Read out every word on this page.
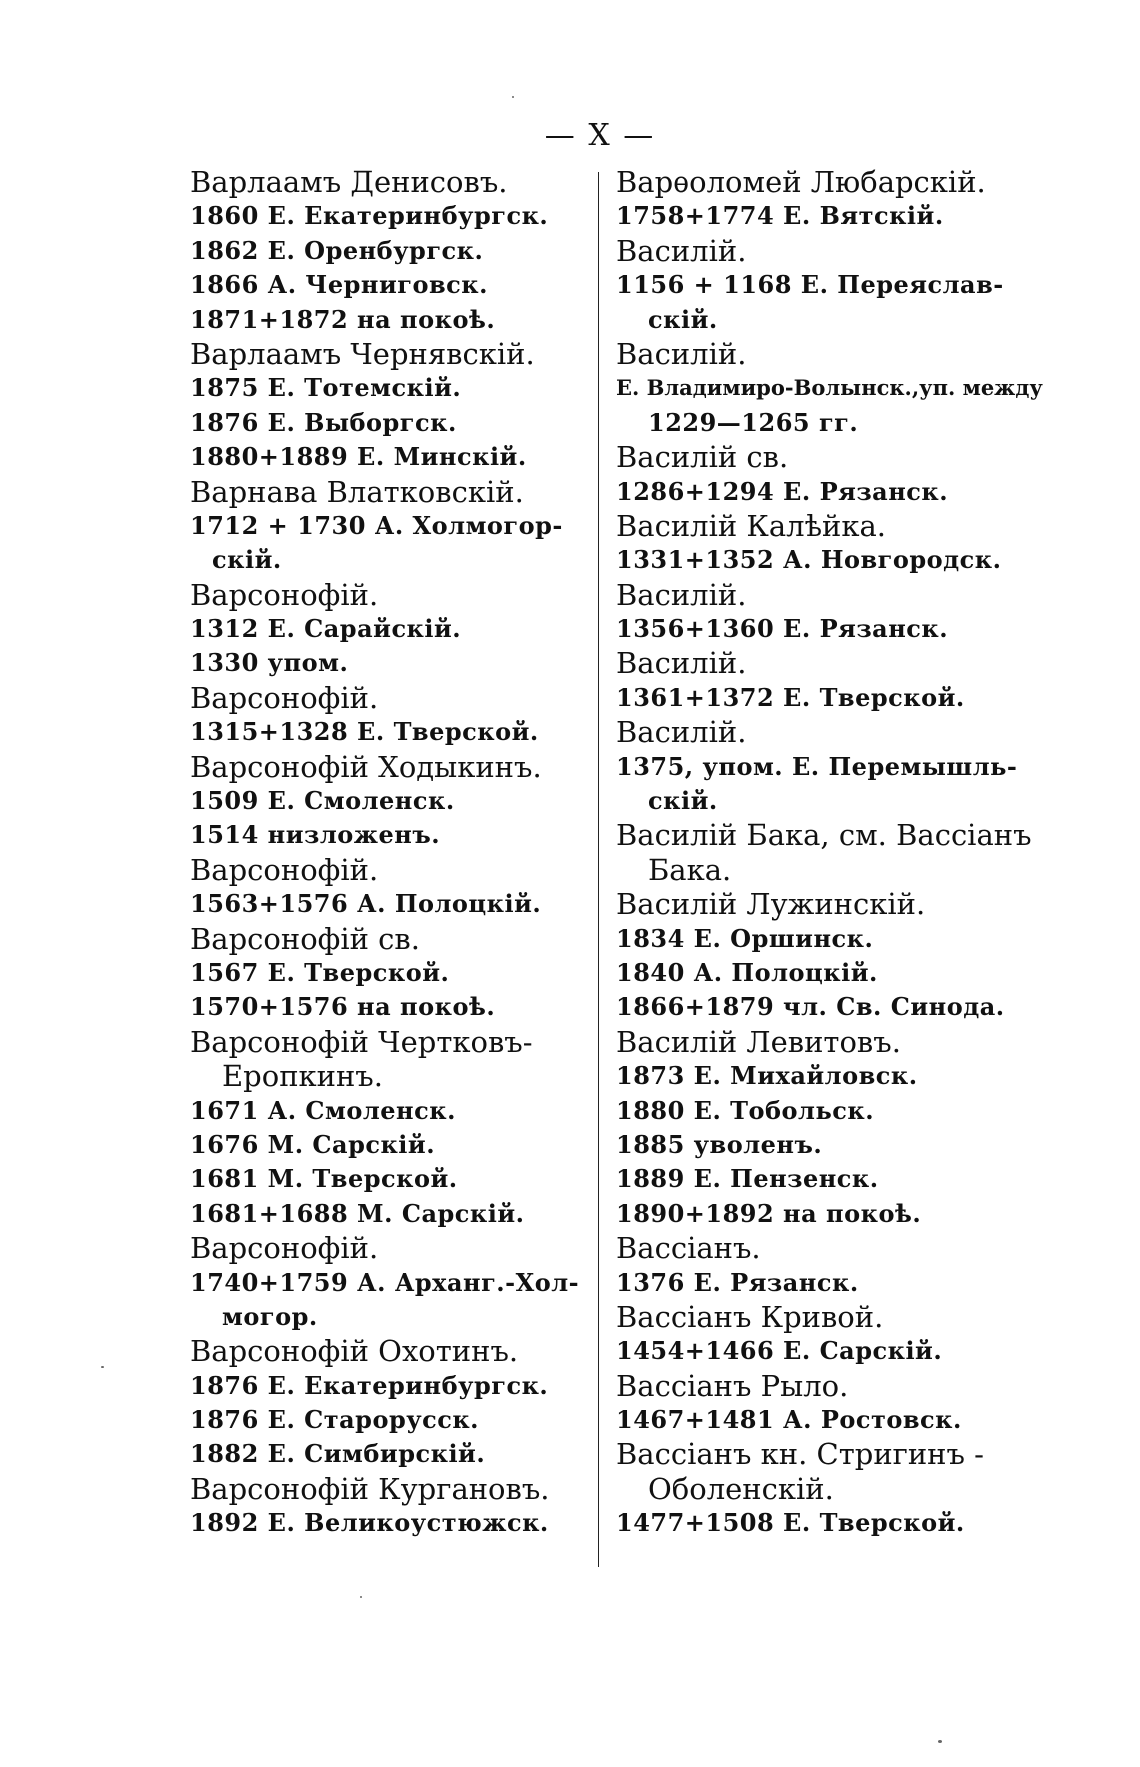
— X —
Варлаамъ Денисовъ.
1860 Е. Екатеринбургск.
1862 Е. Оренбургск.
1866 А. Черниговск.
1871+1872 на покоѣ.
Варлаамъ Чернявскій.
1875 Е. Тотемскій.
1876 Е. Выборгск.
1880+1889 Е. Минскій.
Варнава Влатковскій.
1712 + 1730 А. Холмогор-
скій.
Варсонофій.
1312 Е. Сарайскій.
1330 упом.
Варсонофій.
1315+1328 Е. Тверской.
Варсонофій Ходыкинъ.
1509 Е. Смоленск.
1514 низложенъ.
Варсонофій.
1563+1576 А. Полоцкій.
Варсонофій св.
1567 Е. Тверской.
1570+1576 на покоѣ.
Варсонофій Чертковъ-
Еропкинъ.
1671 А. Смоленск.
1676 М. Сарскій.
1681 М. Тверской.
1681+1688 М. Сарскій.
Варсонофій.
1740+1759 А. Арханг.-Хол-
могор.
Варсонофій Охотинъ.
1876 Е. Екатеринбургск.
1876 Е. Старорусск.
1882 Е. Симбирскій.
Варсонофій Кургановъ.
1892 Е. Великоустюжск.
Варѳоломей Любарскій.
1758+1774 Е. Вятскій.
Василій.
1156 + 1168 Е. Переяслав-
скій.
Василій.
Е. Владимиро-Волынск.,уп. между
1229—1265 гг.
Василій св.
1286+1294 Е. Рязанск.
Василій Калѣйка.
1331+1352 А. Новгородск.
Василій.
1356+1360 Е. Рязанск.
Василій.
1361+1372 Е. Тверской.
Василій.
1375, упом. Е. Перемышль-
скій.
Василій Бака, см. Вассіанъ
Бака.
Василій Лужинскій.
1834 Е. Оршинск.
1840 А. Полоцкій.
1866+1879 чл. Св. Синода.
Василій Левитовъ.
1873 Е. Михайловск.
1880 Е. Тобольск.
1885 уволенъ.
1889 Е. Пензенск.
1890+1892 на покоѣ.
Вассіанъ.
1376 Е. Рязанск.
Вассіанъ Кривой.
1454+1466 Е. Сарскій.
Вассіанъ Рыло.
1467+1481 А. Ростовск.
Вассіанъ кн. Стригинъ -
Оболенскій.
1477+1508 Е. Тверской.
